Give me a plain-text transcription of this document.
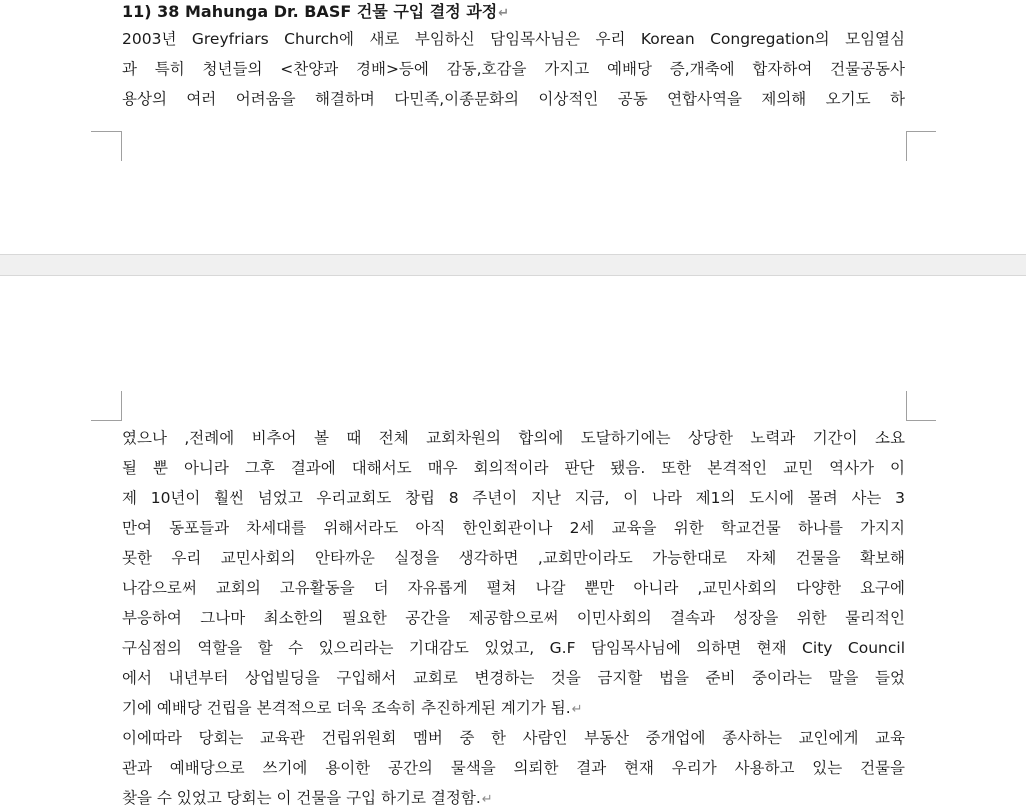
11) 38 Mahunga Dr. BASF 건물 구입 결정 과정↵
2003년 Greyfriars Church에 새로 부임하신 담임목사님은 우리 Korean Congregation의 모임열심
과 특히 청년들의 <찬양과 경배>등에 감동,호감을 가지고 예배당 증,개축에 합자하여 건물공동사
용상의 여러 어려움을 해결하며 다민족,이종문화의 이상적인 공동 연합사역을 제의해 오기도 하
였으나 ,전례에 비추어 볼 때 전체 교회차원의 합의에 도달하기에는 상당한 노력과 기간이 소요
될 뿐 아니라 그후 결과에 대해서도 매우 회의적이라 판단 됐음. 또한 본격적인 교민 역사가 이
제 10년이 훨씬 넘었고 우리교회도 창립 8 주년이 지난 지금, 이 나라 제1의 도시에 몰려 사는 3
만여 동포들과 차세대를 위해서라도 아직 한인회관이나 2세 교육을 위한 학교건물 하나를 가지지
못한 우리 교민사회의 안타까운 실정을 생각하면 ,교회만이라도 가능한대로 자체 건물을 확보해
나감으로써 교회의 고유활동을 더 자유롭게 펼쳐 나갈 뿐만 아니라 ,교민사회의 다양한 요구에
부응하여 그나마 최소한의 필요한 공간을 제공함으로써 이민사회의 결속과 성장을 위한 물리적인
구심점의 역할을 할 수 있으리라는 기대감도 있었고, G.F 담임목사님에 의하면 현재 City Council
에서 내년부터 상업빌딩을 구입해서 교회로 변경하는 것을 금지할 법을 준비 중이라는 말을 들었
기에 예배당 건립을 본격적으로 더욱 조속히 추진하게된 계기가 됨.↵
이에따라 당회는 교육관 건립위원회 멤버 중 한 사람인 부동산 중개업에 종사하는 교인에게 교육
관과 예배당으로 쓰기에 용이한 공간의 물색을 의뢰한 결과 현재 우리가 사용하고 있는 건물을
찾을 수 있었고 당회는 이 건물을 구입 하기로 결정함.↵
